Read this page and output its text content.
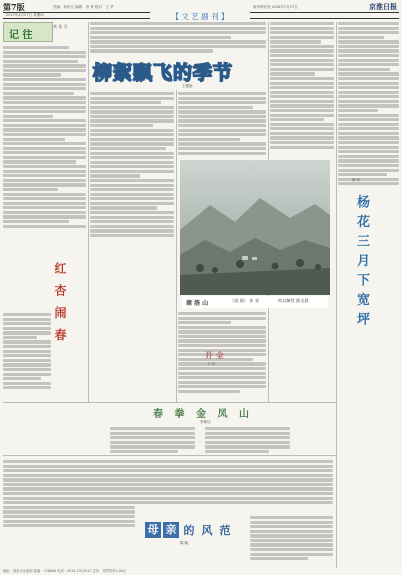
第7版	责编：杨东江 编辑：李 青 校对：王 华	新华网首发 2016年7月27日	京淮日报
2017年4月27日 星期四	【 文 艺 副 刊 】
记 往
龚 菊 芳
柳絮飘飞的季节
王德朋
商 洛 山	（油 画） 张 亮	何以解忧 陈宝晨
红 杏 闹 春	杨 花 三 月 下 宽 坪
杨 东
春 拳 金 凤 山
李林功
母 亲 的 风 范
陈 晓
地址：商洛市北新街 邮编：726000 电话：0914-2313517 定价：零售每份1.00元
